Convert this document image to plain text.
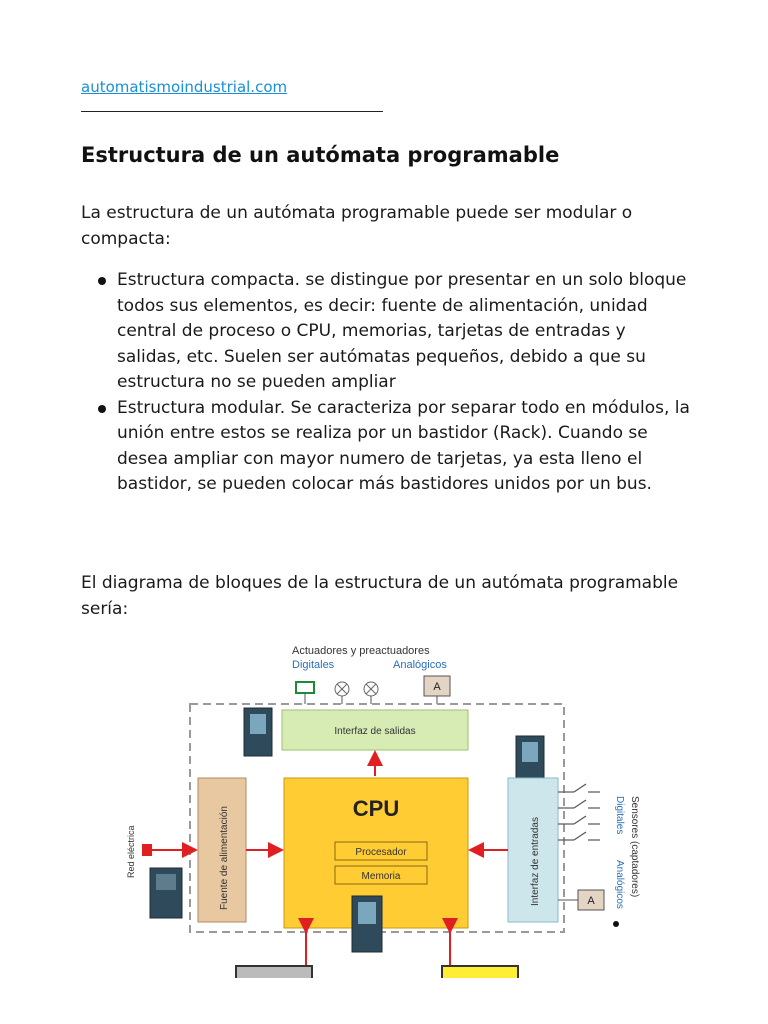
automatismoindustrial.com
Estructura de un autómata programable

La estructura de un autómata programable puede ser modular o compacta:

Estructura compacta. se distingue por presentar en un solo bloque todos sus elementos, es decir: fuente de alimentación, unidad central de proceso o CPU, memorias, tarjetas de entradas y salidas, etc. Suelen ser autómatas pequeños, debido a que su estructura no se pueden ampliar
Estructura modular. Se caracteriza por separar todo en módulos, la unión entre estos se realiza por un bastidor (Rack). Cuando se desea ampliar con mayor numero de tarjetas, ya esta lleno el bastidor, se pueden colocar más bastidores unidos por un bus.

El diagrama de bloques de la estructura de un autómata programable sería:

Actuadores y preactuadores
Digitales	Analógicos
A
Interfaz de salidas
Fuente de alimentación	CPU
Procesador
Memoria	Interfaz de entradas
Red eléctrica
A
Sensores (captadores)
Digitales
Analógicos
